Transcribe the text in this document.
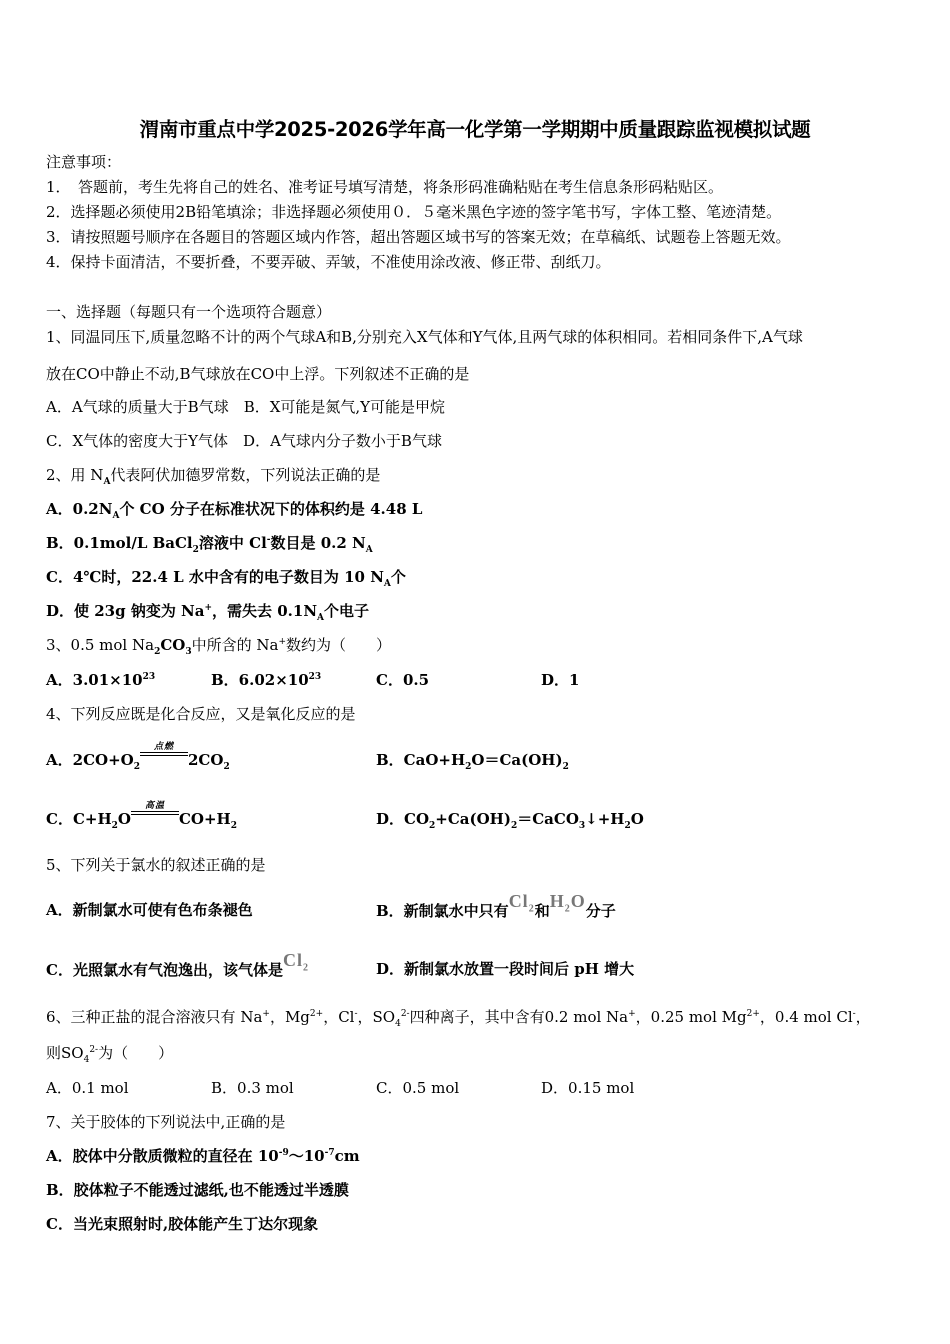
渭南市重点中学2025-2026学年高一化学第一学期期中质量跟踪监视模拟试题
注意事项：
1．　答题前，考生先将自己的姓名、准考证号填写清楚，将条形码准确粘贴在考生信息条形码粘贴区。
2．选择题必须使用2B铅笔填涂；非选择题必须使用０．５毫米黑色字迹的签字笔书写，字体工整、笔迹清楚。
3．请按照题号顺序在各题目的答题区域内作答，超出答题区域书写的答案无效；在草稿纸、试题卷上答题无效。
4．保持卡面清洁，不要折叠，不要弄破、弄皱，不准使用涂改液、修正带、刮纸刀。
一、选择题（每题只有一个选项符合题意）
1、同温同压下,质量忽略不计的两个气球A和B,分别充入X气体和Y气体,且两气球的体积相同。若相同条件下,A气球
放在CO中静止不动,B气球放在CO中上浮。下列叙述不正确的是
A．A气球的质量大于B气球　B．X可能是氮气,Y可能是甲烷
C．X气体的密度大于Y气体　D．A气球内分子数小于B气球
2、用 $N_A$代表阿伏加德罗常数，下列说法正确的是
A．$0.2N_A$个 CO 分子在标准状况下的体积约是 4.48 L
B．0.1mol/L BaCl$_2$溶液中 Cl-数目是 0.2 $N_A$
C．4℃时，22.4 L 水中含有的电子数目为 10 $N_A$个
D．使 23g 钠变为 Na+，需失去 $0.1N_A$个电子
3、0.5 mol $Na_2CO_3$中所含的 Na+数约为（　　）
A．$3.01\times 10^{23}$	B．$6.02\times 10^{23}$	C．0.5	D．1
4、下列反应既是化合反应，又是氧化反应的是
A．$2CO+O_2$
点燃
$2CO_2$	B．$CaO+H_2O=Ca(OH)_2$
C．$C+H_2O$
高温
$CO+H_2$	D．$CO_2+Ca(OH)_2=CaCO_3↓+H_2O$
5、下列关于氯水的叙述正确的是
A．新制氯水可使有色布条褪色	B．新制氯水中只有$Cl_2$和$H_2O$分子
C．光照氯水有气泡逸出，该气体是$Cl_2$	D．新制氯水放置一段时间后 pH 增大
6、三种正盐的混合溶液只有 Na+，$Mg^{2+}$，Cl-，$SO_4^{2-}$四种离子，其中含有0.2 mol Na+，0.25 mol $Mg^{2+}$，0.4 mol Cl-，
则$SO_4^{2-}$为（　　）
A．0.1 mol	B．0.3 mol	C．0.5 mol	D．0.15 mol
7、关于胶体的下列说法中,正确的是
A．胶体中分散质微粒的直径在 $10^{-9}\sim 10^{-7}cm$
B．胶体粒子不能透过滤纸,也不能透过半透膜
C．当光束照射时,胶体能产生丁达尔现象
